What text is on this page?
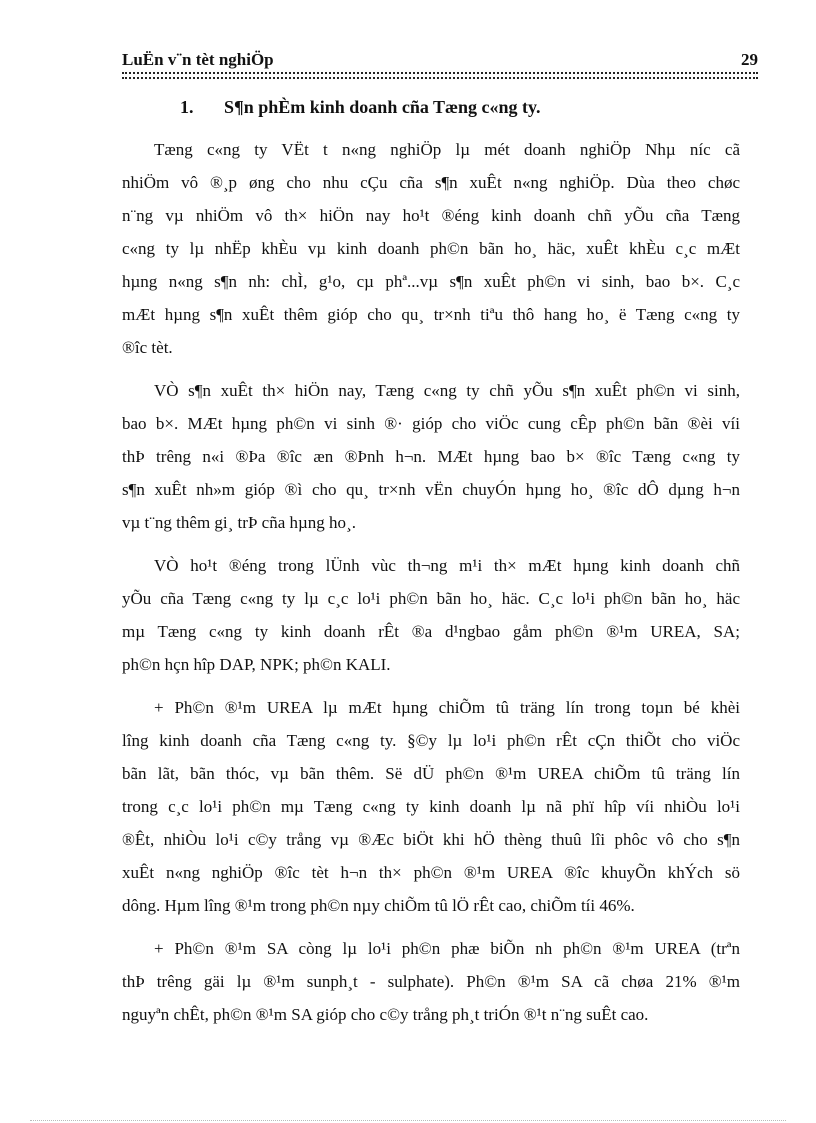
LuËn v¨n tèt nghiÖp	29
1. S¶n phÈm kinh doanh cña Tæng c«ng ty.
Tæng c«ng ty VËt t n«ng nghiÖp lµ mét doanh nghiÖp Nhµ níc cã
nhiÖm vô ®¸p øng cho nhu cÇu cña s¶n xuÊt n«ng nghiÖp. Dùa theo chøc
n¨ng vµ nhiÖm vô th× hiÖn nay ho¹t ®éng kinh doanh chñ yÕu cña Tæng
c«ng ty lµ nhËp khÈu vµ kinh doanh ph©n bãn ho¸ häc, xuÊt khÈu c¸c mÆt
hµng n«ng s¶n nh: chÌ, g¹o, cµ phª...vµ s¶n xuÊt ph©n vi sinh, bao b×. C¸c
mÆt hµng s¶n xuÊt thêm gióp cho qu¸ tr×nh tiªu thô hang ho¸ ë Tæng c«ng ty
®îc tèt.
VÒ s¶n xuÊt th× hiÖn nay, Tæng c«ng ty chñ yÕu s¶n xuÊt ph©n vi sinh,
bao b×. MÆt hµng ph©n vi sinh ®· gióp cho viÖc cung cÊp ph©n bãn ®èi víi
thÞ trêng n«i ®Þa ®îc æn ®Þnh h¬n. MÆt hµng bao b× ®îc Tæng c«ng ty
s¶n xuÊt nh»m gióp ®ì cho qu¸ tr×nh vËn chuyÓn hµng ho¸ ®îc dÔ dµng h¬n
vµ t¨ng thêm gi¸ trÞ cña hµng ho¸.
VÒ ho¹t ®éng trong lÜnh vùc th¬ng m¹i th× mÆt hµng kinh doanh chñ
yÕu cña Tæng c«ng ty lµ c¸c lo¹i ph©n bãn ho¸ häc. C¸c lo¹i ph©n bãn ho¸ häc
mµ Tæng c«ng ty kinh doanh rÊt ®a d¹ngbao gåm ph©n ®¹m UREA, SA;
ph©n hçn hîp DAP, NPK; ph©n KALI.
+ Ph©n ®¹m UREA lµ mÆt hµng chiÕm tû träng lín trong toµn bé khèi
lîng kinh doanh cña Tæng c«ng ty. §©y lµ lo¹i ph©n rÊt cÇn thiÕt cho viÖc
bãn lãt, bãn thóc, vµ bãn thêm. Së dÜ ph©n ®¹m UREA chiÕm tû träng lín
trong c¸c lo¹i ph©n mµ Tæng c«ng ty kinh doanh lµ nã phï hîp víi nhiÒu lo¹i
®Êt, nhiÒu lo¹i c©y trång vµ ®Æc biÖt khi hÖ thèng thuû lîi phôc vô cho s¶n
xuÊt n«ng nghiÖp ®îc tèt h¬n th× ph©n ®¹m UREA ®îc khuyÕn khÝch sö
dông. Hµm lîng ®¹m trong ph©n nµy chiÕm tû lÖ rÊt cao, chiÕm tíi 46%.
+ Ph©n ®¹m SA còng lµ lo¹i ph©n phæ biÕn nh ph©n ®¹m UREA (trªn
thÞ trêng gäi lµ ®¹m sunph¸t - sulphate). Ph©n ®¹m SA cã chøa 21% ®¹m
nguyªn chÊt, ph©n ®¹m SA gióp cho c©y trång ph¸t triÓn ®¹t n¨ng suÊt cao.
